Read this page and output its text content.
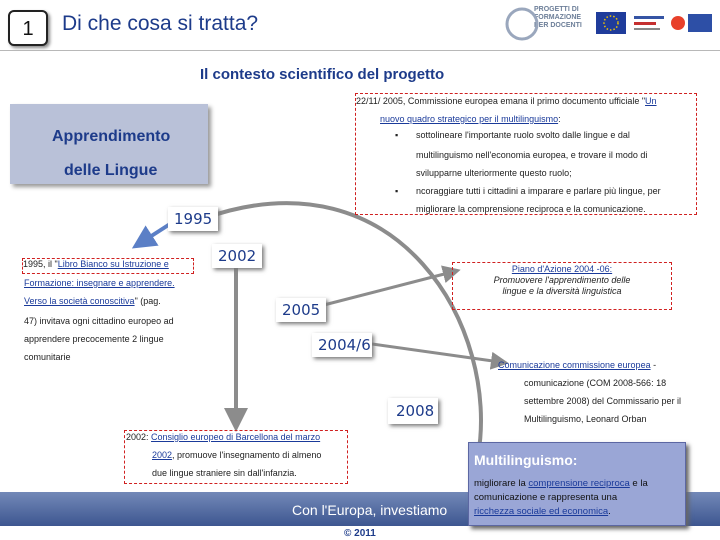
1	Di che cosa si tratta?
PROGETTI DI
FORMAZIONE
PER DOCENTI
Il contesto scientifico del progetto
Apprendimento
delle Lingue
22/11/ 2005, Commissione europea emana il primo documento ufficiale "Un
nuovo quadro strategico per il multilinguismo:
▪ sottolineare l'importante ruolo svolto dalle lingue e dal
multilinguismo nell'economia europea, e trovare il modo di
svilupparne ulteriormente questo ruolo;
▪ ncoraggiare tutti i cittadini a imparare e parlare più lingue, per
migliorare la comprensione reciproca e la comunicazione.
1995
2002
2005
2004/6
2008
1995, il "Libro Bianco su Istruzione e
Formazione: insegnare e apprendere.
Verso la società conoscitiva" (pag.
47) invitava ogni cittadino europeo ad
apprendere precocemente 2 lingue
comunitarie
Piano d'Azione 2004 -06:
Promuovere l'apprendimento delle
lingue e la diversità linguistica
Comunicazione commissione europea -
comunicazione (COM 2008-566: 18
settembre 2008) del Commissario per il
Multilinguismo, Leonard Orban
2002: Consiglio europeo di Barcellona del marzo
2002, promuove l'insegnamento di almeno
due lingue straniere sin dall'infanzia.
Con l'Europa, investiamo
© 2011
Multilinguismo:
migliorare la comprensione reciproca e la
comunicazione e rappresenta una
ricchezza sociale ed economica.
